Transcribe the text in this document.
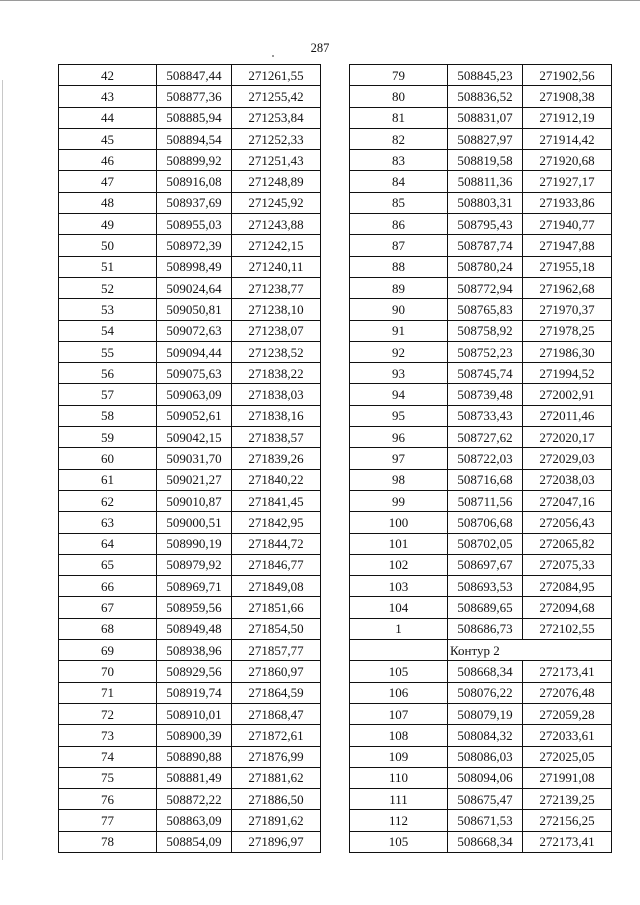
287
42	508847,44	271261,55
43	508877,36	271255,42
44	508885,94	271253,84
45	508894,54	271252,33
46	508899,92	271251,43
47	508916,08	271248,89
48	508937,69	271245,92
49	508955,03	271243,88
50	508972,39	271242,15
51	508998,49	271240,11
52	509024,64	271238,77
53	509050,81	271238,10
54	509072,63	271238,07
55	509094,44	271238,52
56	509075,63	271838,22
57	509063,09	271838,03
58	509052,61	271838,16
59	509042,15	271838,57
60	509031,70	271839,26
61	509021,27	271840,22
62	509010,87	271841,45
63	509000,51	271842,95
64	508990,19	271844,72
65	508979,92	271846,77
66	508969,71	271849,08
67	508959,56	271851,66
68	508949,48	271854,50
69	508938,96	271857,77
70	508929,56	271860,97
71	508919,74	271864,59
72	508910,01	271868,47
73	508900,39	271872,61
74	508890,88	271876,99
75	508881,49	271881,62
76	508872,22	271886,50
77	508863,09	271891,62
78	508854,09	271896,97
79	508845,23	271902,56
80	508836,52	271908,38
81	508831,07	271912,19
82	508827,97	271914,42
83	508819,58	271920,68
84	508811,36	271927,17
85	508803,31	271933,86
86	508795,43	271940,77
87	508787,74	271947,88
88	508780,24	271955,18
89	508772,94	271962,68
90	508765,83	271970,37
91	508758,92	271978,25
92	508752,23	271986,30
93	508745,74	271994,52
94	508739,48	272002,91
95	508733,43	272011,46
96	508727,62	272020,17
97	508722,03	272029,03
98	508716,68	272038,03
99	508711,56	272047,16
100	508706,68	272056,43
101	508702,05	272065,82
102	508697,67	272075,33
103	508693,53	272084,95
104	508689,65	272094,68
1	508686,73	272102,55
	Контур 2	
105	508668,34	272173,41
106	508076,22	272076,48
107	508079,19	272059,28
108	508084,32	272033,61
109	508086,03	272025,05
110	508094,06	271991,08
111	508675,47	272139,25
112	508671,53	272156,25
105	508668,34	272173,41
